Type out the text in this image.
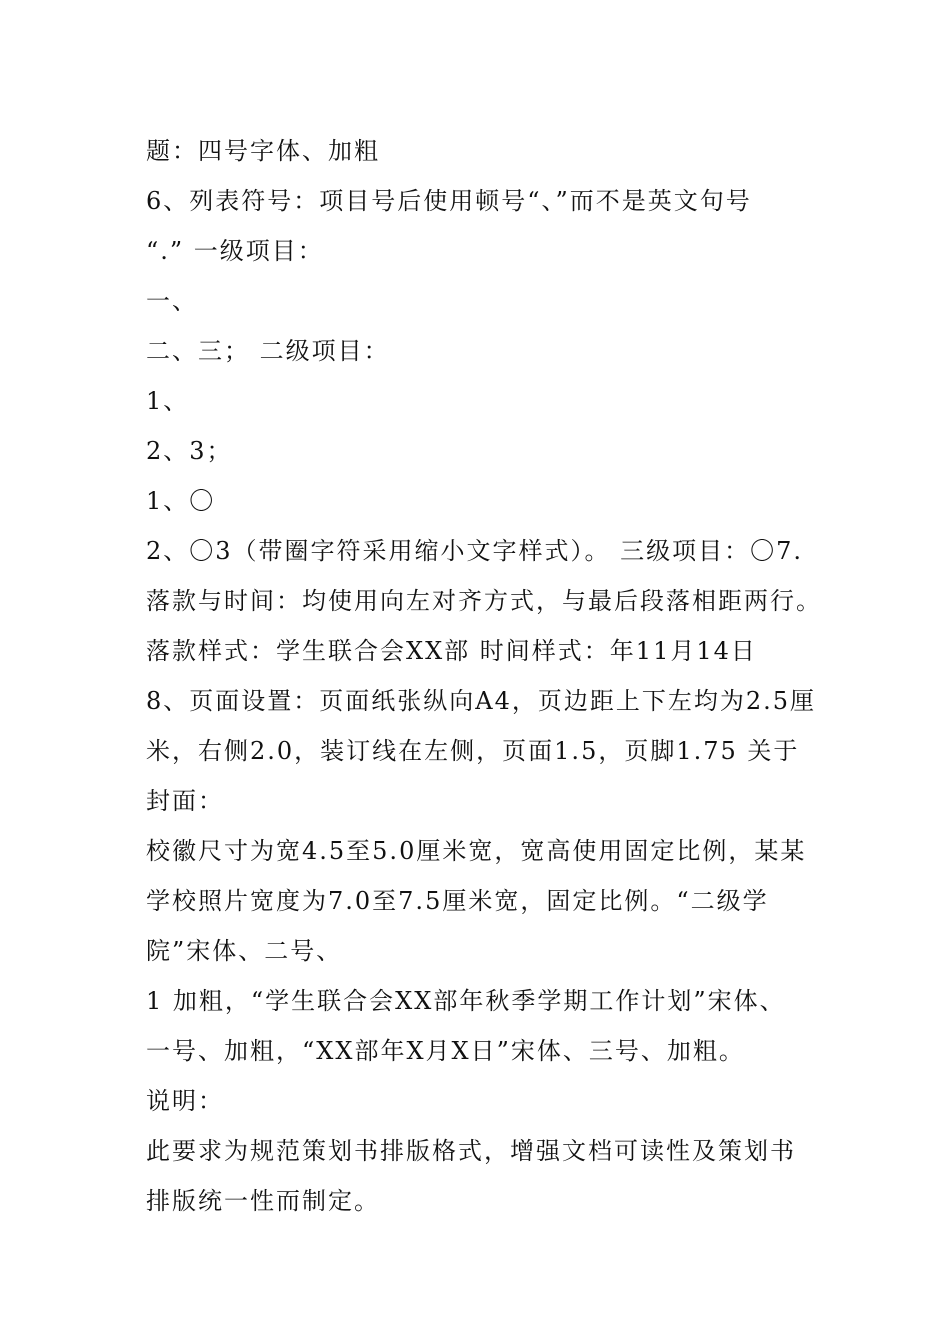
题：四号字体、加粗
6、列表符号：项目号后使用顿号“、”而不是英文句号
“.” 一级项目：
一、
二、三； 二级项目：
1、
2、3；
1、〇
2、〇3（带圈字符采用缩小文字样式）。 三级项目：〇7.
落款与时间：均使用向左对齐方式，与最后段落相距两行。
落款样式：学生联合会XX部 时间样式：年11月14日
8、页面设置：页面纸张纵向A4，页边距上下左均为2.5厘
米，右侧2.0，装订线在左侧，页面1.5，页脚1.75 关于
封面：
校徽尺寸为宽4.5至5.0厘米宽，宽高使用固定比例，某某
学校照片宽度为7.0至7.5厘米宽，固定比例。“二级学
院”宋体、二号、
1 加粗，“学生联合会XX部年秋季学期工作计划”宋体、
一号、加粗，“XX部年X月X日”宋体、三号、加粗。
说明：
此要求为规范策划书排版格式，增强文档可读性及策划书
排版统一性而制定。
